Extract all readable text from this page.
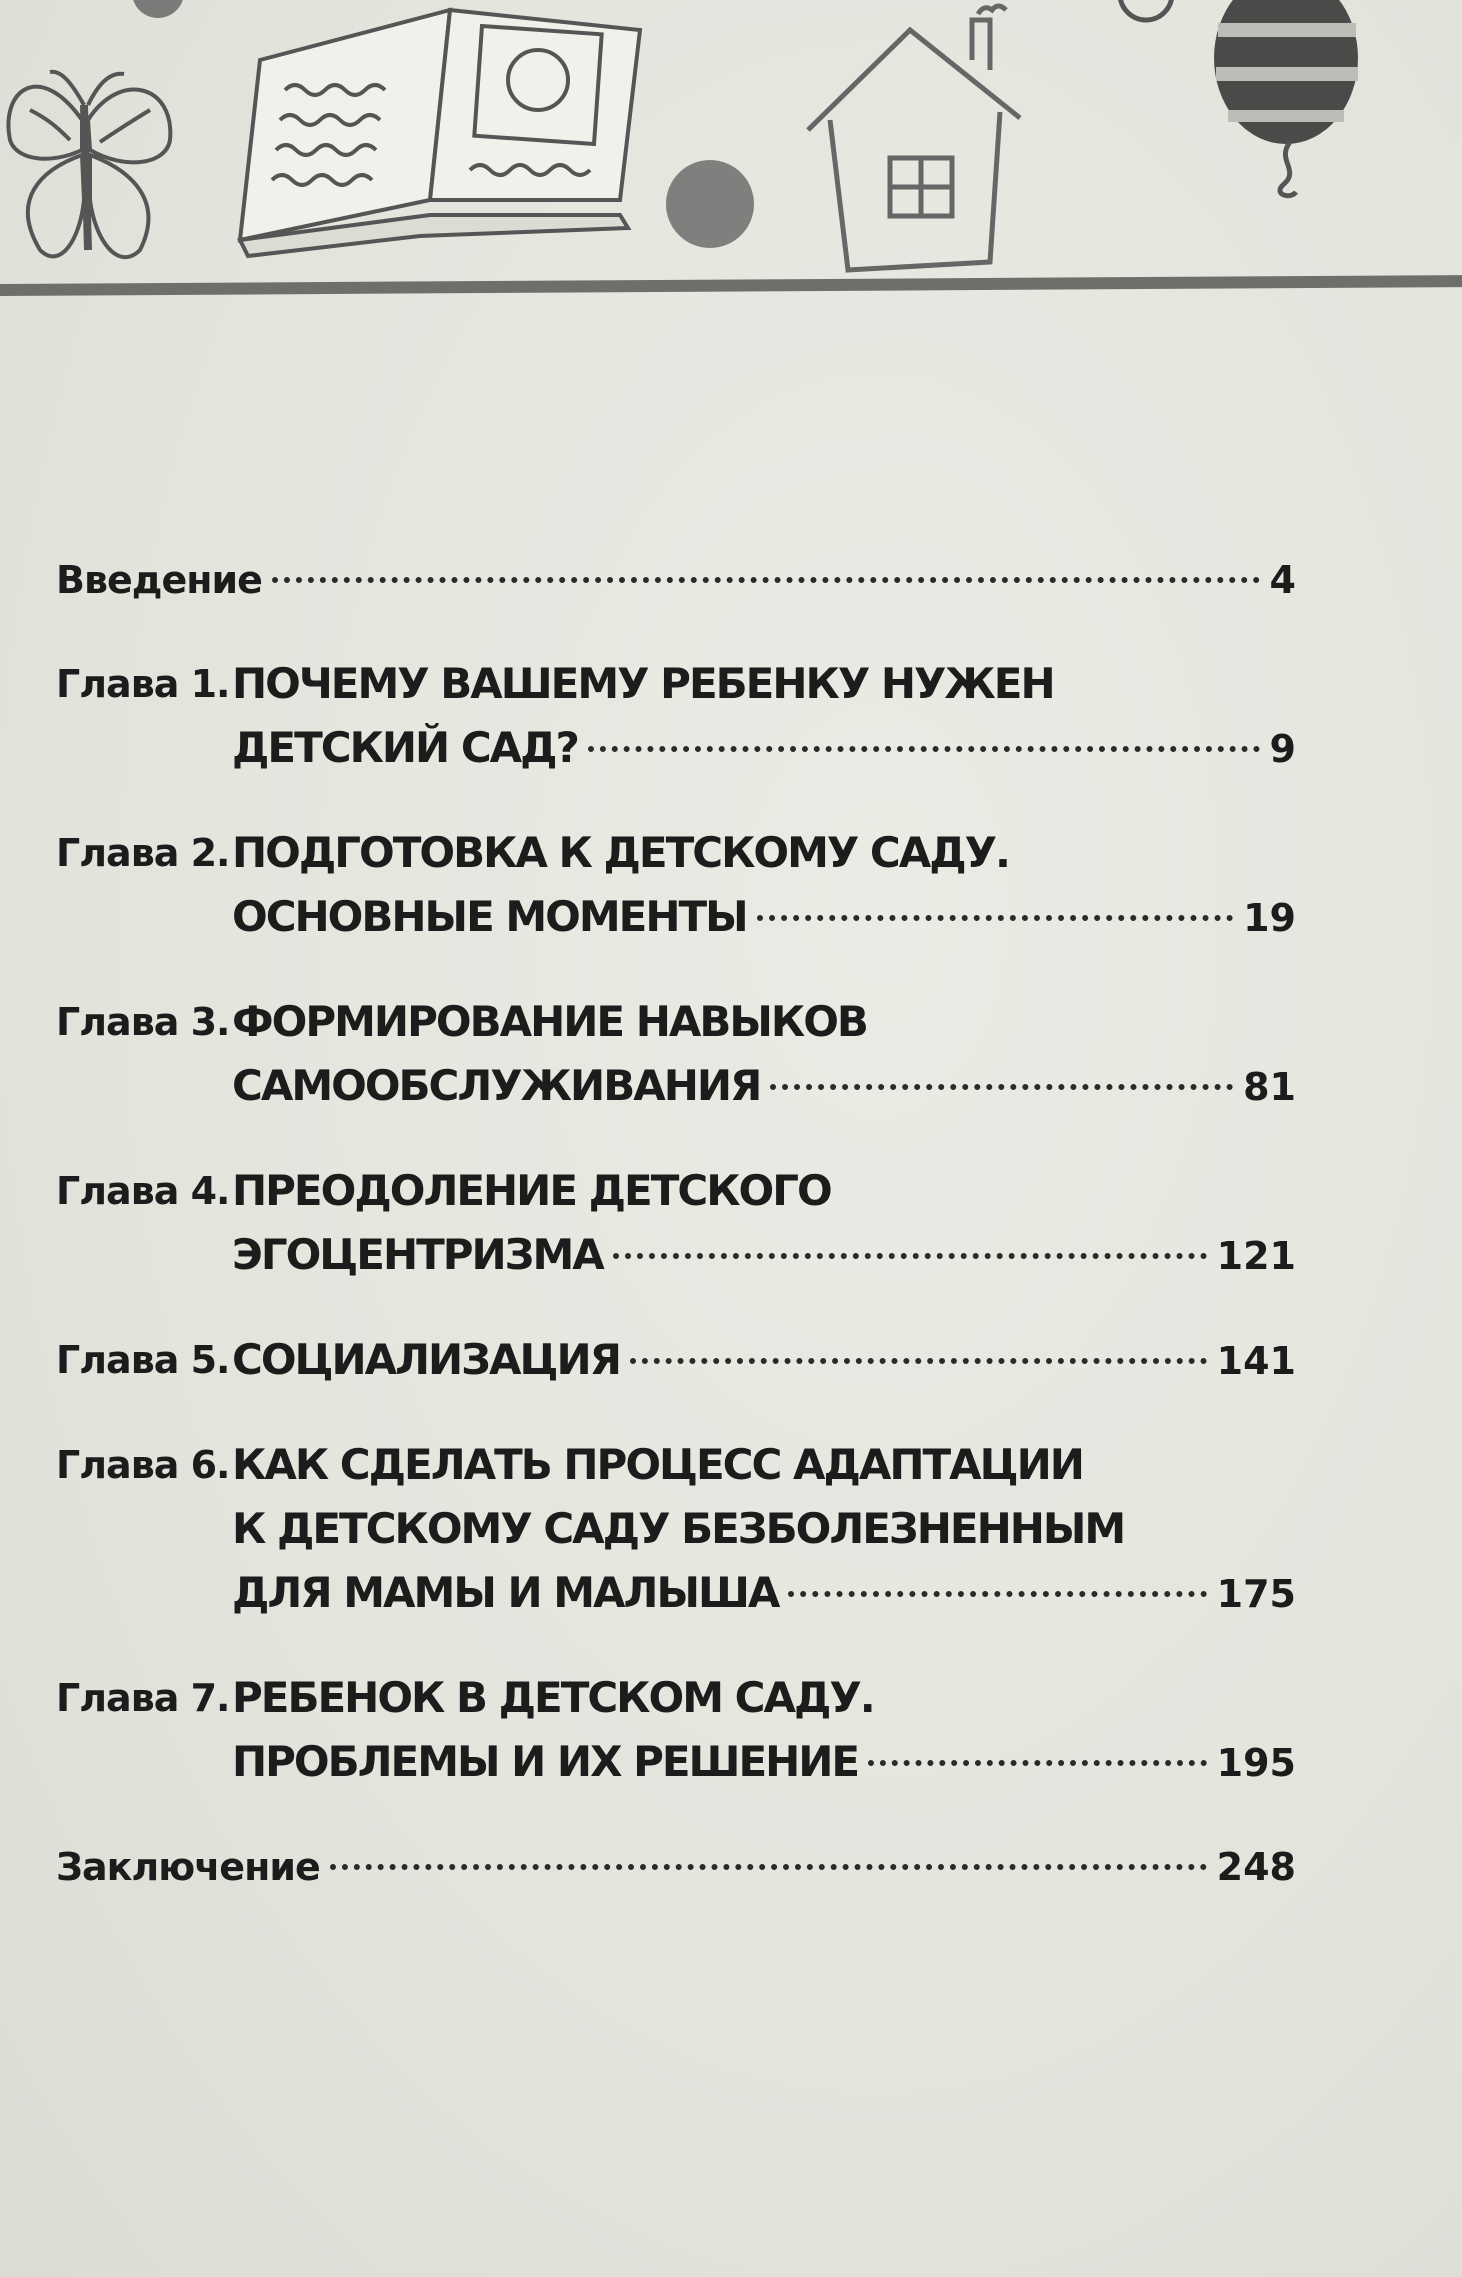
Введение	4
Глава 1. ПОЧЕМУ ВАШЕМУ РЕБЕНКУ НУЖЕН
ДЕТСКИЙ САД?	9
Глава 2. ПОДГОТОВКА К ДЕТСКОМУ САДУ.
ОСНОВНЫЕ МОМЕНТЫ	19
Глава 3. ФОРМИРОВАНИЕ НАВЫКОВ
САМООБСЛУЖИВАНИЯ	81
Глава 4. ПРЕОДОЛЕНИЕ ДЕТСКОГО
ЭГОЦЕНТРИЗМА	121
Глава 5. СОЦИАЛИЗАЦИЯ	141
Глава 6. КАК СДЕЛАТЬ ПРОЦЕСС АДАПТАЦИИ
К ДЕТСКОМУ САДУ БЕЗБОЛЕЗНЕННЫМ
ДЛЯ МАМЫ И МАЛЫША	175
Глава 7. РЕБЕНОК В ДЕТСКОМ САДУ.
ПРОБЛЕМЫ И ИХ РЕШЕНИЕ	195
Заключение	248
